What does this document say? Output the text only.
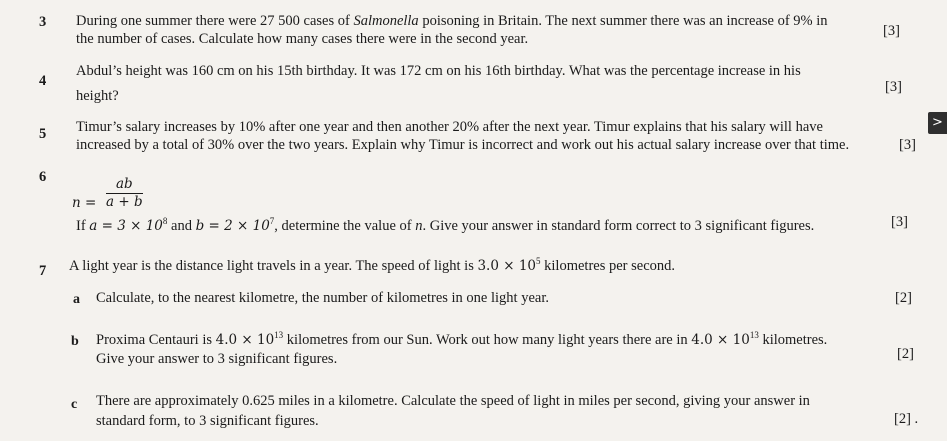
3 During one summer there were 27 500 cases of Salmonella poisoning in Britain. The next summer there was an increase of 9% in
the number of cases. Calculate how many cases there were in the second year.	[3]
4
Abdul’s height was 160 cm on his 15th birthday. It was 172 cm on his 16th birthday. What was the percentage increase in his
height?
[3]
5 Timur’s salary increases by 10% after one year and then another 20% after the next year. Timur explains that his salary will have
increased by a total of 30% over the two years. Explain why Timur is incorrect and work out his actual salary increase over that time.	[3]
>
6
$n = \frac{ab}{a + b}$
If $a = 3 \times 10^8$ and $b = 2 \times 10^7$, determine the value of n. Give your answer in standard form correct to 3 significant figures.	[3]
7 A light year is the distance light travels in a year. The speed of light is $3.0 \times 10^5$ kilometres per second.
a Calculate, to the nearest kilometre, the number of kilometres in one light year.	[2]
b Proxima Centauri is $4.0 \times 10^{13}$ kilometres from our Sun. Work out how many light years there are in $4.0 \times 10^{13}$ kilometres.
Give your answer to 3 significant figures.	[2]
c There are approximately 0.625 miles in a kilometre. Calculate the speed of light in miles per second, giving your answer in
standard form, to 3 significant figures.	[2] .
